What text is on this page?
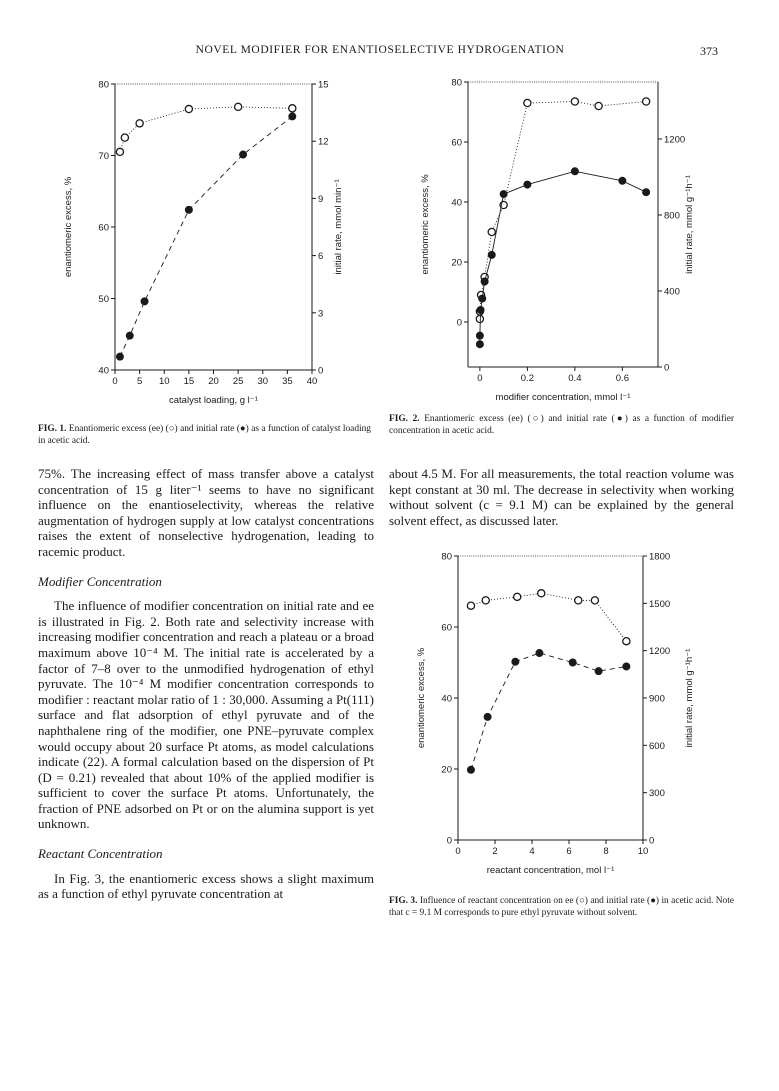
NOVEL MODIFIER FOR ENANTIOSELECTIVE HYDROGENATION	373
0 5 10 15 20 25 30 35 40
40
50
60
70
80
0
3
6
9
12
15
catalyst loading, g l⁻¹
enantiomeric excess, %	initial rate, mmol min⁻¹
FIG. 1. Enantiomeric excess (ee) (○) and initial rate (●) as a function of catalyst loading in acetic acid.
0	0.2	0.4	0.6
0
20
40
60
80
0
400
800
1200
modifier concentration, mmol l⁻¹
enantiomeric excess, %	initial rate, mmol g⁻¹h⁻¹
FIG. 2. Enantiomeric excess (ee) (○) and initial rate (●) as a function of modifier concentration in acetic acid.

75%. The increasing effect of mass transfer above a catalyst concentration of 15 g liter⁻¹ seems to have no significant influence on the enantioselectivity, whereas the relative augmentation of hydrogen supply at low catalyst concentrations raises the extent of nonselective hydrogenation, leading to racemic product.

Modifier Concentration

The influence of modifier concentration on initial rate and ee is illustrated in Fig. 2. Both rate and selectivity increase with increasing modifier concentration and reach a plateau or a broad maximum above 10⁻⁴ M. The initial rate is accelerated by a factor of 7–8 over to the unmodified hydrogenation of ethyl pyruvate. The 10⁻⁴ M modifier concentration corresponds to modifier : reactant molar ratio of 1 : 30,000. Assuming a Pt(111) surface and flat adsorption of ethyl pyruvate and of the naphthalene ring of the modifier, one PNE–pyruvate complex would occupy about 20 surface Pt atoms, as model calculations indicate (22). A formal calculation based on the dispersion of Pt (D = 0.21) revealed that about 10% of the applied modifier is sufficient to cover the surface Pt atoms. Unfortunately, the fraction of PNE adsorbed on Pt or on the alumina support is yet unknown.

Reactant Concentration

In Fig. 3, the enantiomeric excess shows a slight maximum as a function of ethyl pyruvate concentration at

about 4.5 M. For all measurements, the total reaction volume was kept constant at 30 ml. The decrease in selectivity when working without solvent (c = 9.1 M) can be explained by the general solvent effect, as discussed later.

0	2	4	6	8	10
0
20
40
60
80
0
300
600
900
1200
1500
1800
reactant concentration, mol l⁻¹
enantiomeric excess, %	initial rate, mmol g⁻¹h⁻¹
FIG. 3. Influence of reactant concentration on ee (○) and initial rate (●) in acetic acid. Note that c = 9.1 M corresponds to pure ethyl pyruvate without solvent.
